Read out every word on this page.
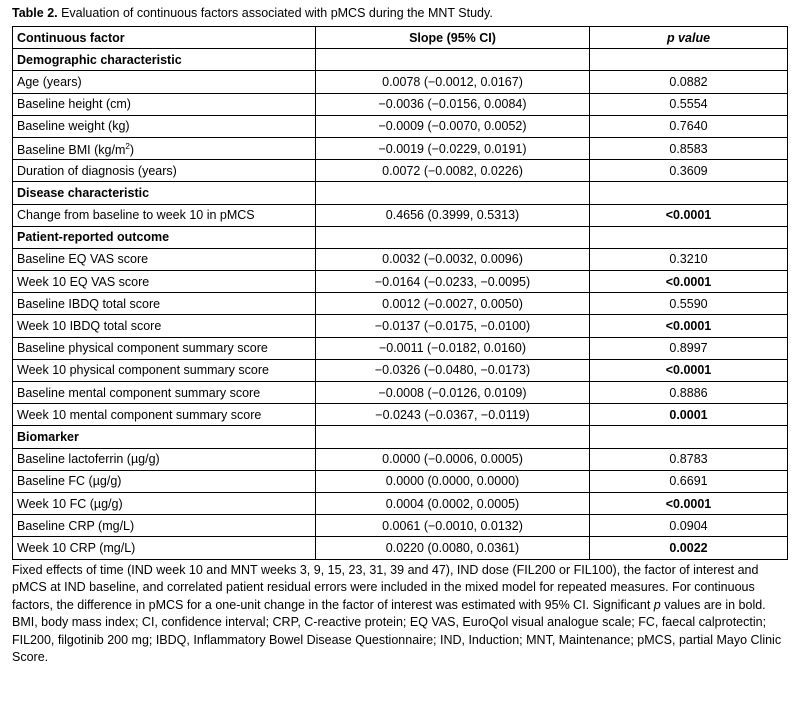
Table 2. Evaluation of continuous factors associated with pMCS during the MNT Study.
Continuous factor	Slope (95% CI)	p value
Demographic characteristic		
Age (years)	0.0078 (−0.0012, 0.0167)	0.0882
Baseline height (cm)	−0.0036 (−0.0156, 0.0084)	0.5554
Baseline weight (kg)	−0.0009 (−0.0070, 0.0052)	0.7640
Baseline BMI $(kg/m^2)$	−0.0019 (−0.0229, 0.0191)	0.8583
Duration of diagnosis (years)	0.0072 (−0.0082, 0.0226)	0.3609
Disease characteristic		
Change from baseline to week 10 in pMCS	0.4656 (0.3999, 0.5313)	<0.0001
Patient-reported outcome		
Baseline EQ VAS score	0.0032 (−0.0032, 0.0096)	0.3210
Week 10 EQ VAS score	−0.0164 (−0.0233, −0.0095)	<0.0001
Baseline IBDQ total score	0.0012 (−0.0027, 0.0050)	0.5590
Week 10 IBDQ total score	−0.0137 (−0.0175, −0.0100)	<0.0001
Baseline physical component summary score	−0.0011 (−0.0182, 0.0160)	0.8997
Week 10 physical component summary score	−0.0326 (−0.0480, −0.0173)	<0.0001
Baseline mental component summary score	−0.0008 (−0.0126, 0.0109)	0.8886
Week 10 mental component summary score	−0.0243 (−0.0367, −0.0119)	0.0001
Biomarker		
Baseline lactoferrin (µg/g)	0.0000 (−0.0006, 0.0005)	0.8783
Baseline FC (µg/g)	0.0000 (0.0000, 0.0000)	0.6691
Week 10 FC (µg/g)	0.0004 (0.0002, 0.0005)	<0.0001
Baseline CRP (mg/L)	0.0061 (−0.0010, 0.0132)	0.0904
Week 10 CRP (mg/L)	0.0220 (0.0080, 0.0361)	0.0022

Fixed effects of time (IND week 10 and MNT weeks 3, 9, 15, 23, 31, 39 and 47), IND dose (FIL200 or FIL100), the factor of interest and pMCS at IND baseline, and correlated patient residual errors were included in the mixed model for repeated measures. For continuous factors, the difference in pMCS for a one-unit change in the factor of interest was estimated with 95% CI. Significant p values are in bold.

BMI, body mass index; CI, confidence interval; CRP, C-reactive protein; EQ VAS, EuroQol visual analogue scale; FC, faecal calprotectin; FIL200, filgotinib 200 mg; IBDQ, Inflammatory Bowel Disease Questionnaire; IND, Induction; MNT, Maintenance; pMCS, partial Mayo Clinic Score.
